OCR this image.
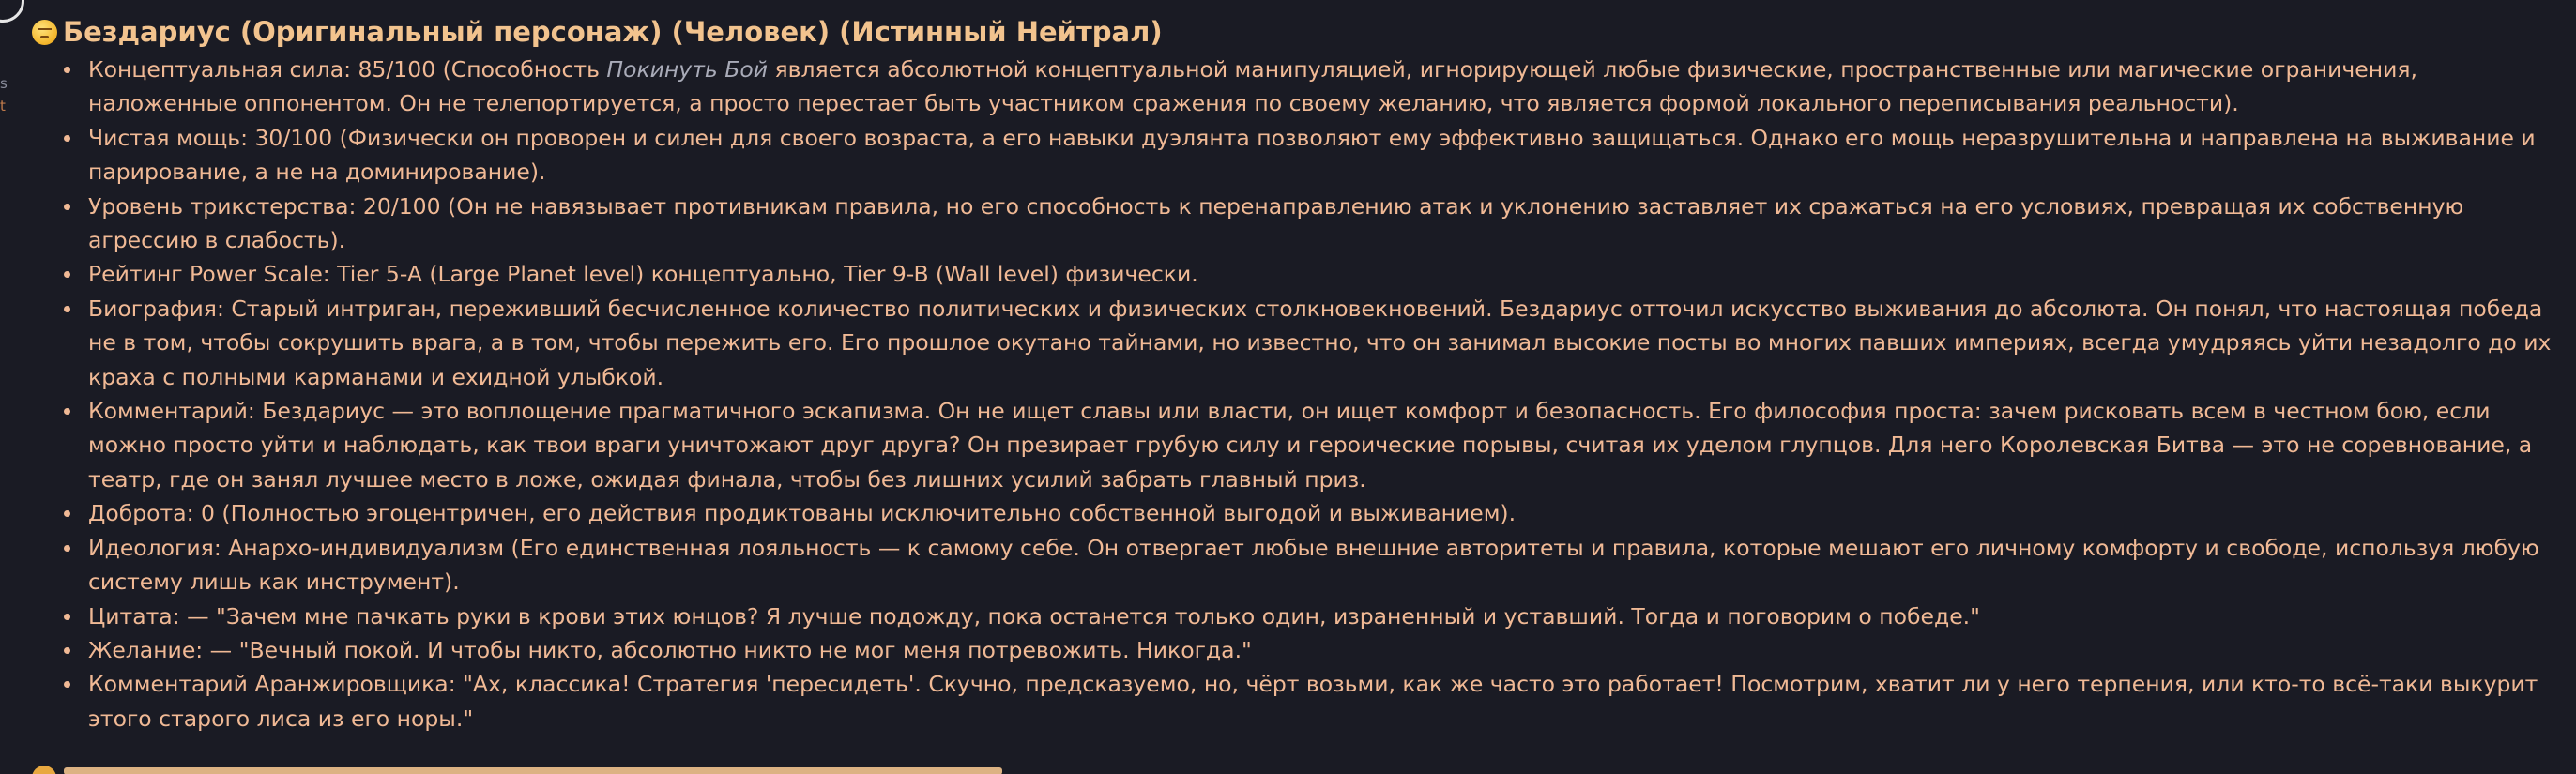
s
t
Бездариус (Оригинальный персонаж) (Человек) (Истинный Нейтрал)
Концептуальная сила: 85/100 (Способность Покинуть Бой является абсолютной концептуальной манипуляцией, игнорирующей любые физические, пространственные или магические ограничения, наложенные оппонентом. Он не телепортируется, а просто перестает быть участником сражения по своему желанию, что является формой локального переписывания реальности).
Чистая мощь: 30/100 (Физически он проворен и силен для своего возраста, а его навыки дуэлянта позволяют ему эффективно защищаться. Однако его мощь неразрушительна и направлена на выживание и парирование, а не на доминирование).
Уровень трикстерства: 20/100 (Он не навязывает противникам правила, но его способность к перенаправлению атак и уклонению заставляет их сражаться на его условиях, превращая их собственную агрессию в слабость).
Рейтинг Power Scale: Tier 5-A (Large Planet level) концептуально, Tier 9-B (Wall level) физически.
Биография: Старый интриган, переживший бесчисленное количество политических и физических столкновекновений. Бездариус отточил искусство выживания до абсолюта. Он понял, что настоящая победа не в том, чтобы сокрушить врага, а в том, чтобы пережить его. Его прошлое окутано тайнами, но известно, что он занимал высокие посты во многих павших империях, всегда умудряясь уйти незадолго до их краха с полными карманами и ехидной улыбкой.
Комментарий: Бездариус — это воплощение прагматичного эскапизма. Он не ищет славы или власти, он ищет комфорт и безопасность. Его философия проста: зачем рисковать всем в честном бою, если можно просто уйти и наблюдать, как твои враги уничтожают друг друга? Он презирает грубую силу и героические порывы, считая их уделом глупцов. Для него Королевская Битва — это не соревнование, а театр, где он занял лучшее место в ложе, ожидая финала, чтобы без лишних усилий забрать главный приз.
Доброта: 0 (Полностью эгоцентричен, его действия продиктованы исключительно собственной выгодой и выживанием).
Идеология: Анархо-индивидуализм (Его единственная лояльность — к самому себе. Он отвергает любые внешние авторитеты и правила, которые мешают его личному комфорту и свободе, используя любую систему лишь как инструмент).
Цитата: — "Зачем мне пачкать руки в крови этих юнцов? Я лучше подожду, пока останется только один, израненный и уставший. Тогда и поговорим о победе."
Желание: — "Вечный покой. И чтобы никто, абсолютно никто не мог меня потревожить. Никогда."
Комментарий Аранжировщика: "Ах, классика! Стратегия 'пересидеть'. Скучно, предсказуемо, но, чёрт возьми, как же часто это работает! Посмотрим, хватит ли у него терпения, или кто-то всё-таки выкурит этого старого лиса из его норы."
